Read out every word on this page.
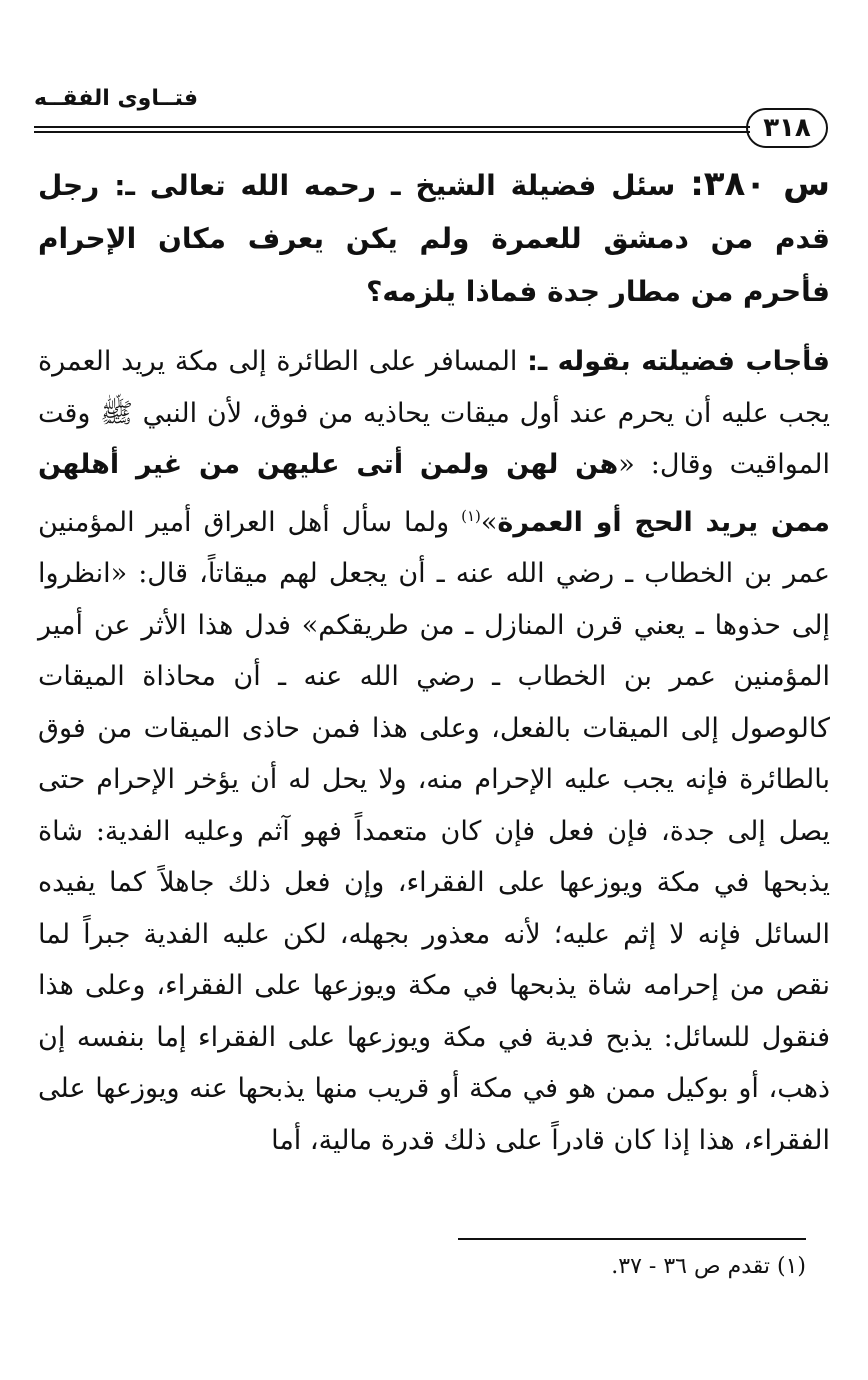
فتــاوى الفقــه
٣١٨

س ٣٨٠: سئل فضيلة الشيخ ـ رحمه الله تعالى ـ: رجل قدم من دمشق للعمرة ولم يكن يعرف مكان الإحرام فأحرم من مطار جدة فماذا يلزمه؟

فأجاب فضيلته بقوله ـ: المسافر على الطائرة إلى مكة يريد العمرة يجب عليه أن يحرم عند أول ميقات يحاذيه من فوق، لأن النبي ﷺ وقت المواقيت وقال: «هن لهن ولمن أتى عليهن من غير أهلهن ممن يريد الحج أو العمرة»$^{(١)}$ ولما سأل أهل العراق أمير المؤمنين عمر بن الخطاب ـ رضي الله عنه ـ أن يجعل لهم ميقاتاً، قال: «انظروا إلى حذوها ـ يعني قرن المنازل ـ من طريقكم» فدل هذا الأثر عن أمير المؤمنين عمر بن الخطاب ـ رضي الله عنه ـ أن محاذاة الميقات كالوصول إلى الميقات بالفعل، وعلى هذا فمن حاذى الميقات من فوق بالطائرة فإنه يجب عليه الإحرام منه، ولا يحل له أن يؤخر الإحرام حتى يصل إلى جدة، فإن فعل فإن كان متعمداً فهو آثم وعليه الفدية: شاة يذبحها في مكة ويوزعها على الفقراء، وإن فعل ذلك جاهلاً كما يفيده السائل فإنه لا إثم عليه؛ لأنه معذور بجهله، لكن عليه الفدية جبراً لما نقص من إحرامه شاة يذبحها في مكة ويوزعها على الفقراء، وعلى هذا فنقول للسائل: يذبح فدية في مكة ويوزعها على الفقراء إما بنفسه إن ذهب، أو بوكيل ممن هو في مكة أو قريب منها يذبحها عنه ويوزعها على الفقراء، هذا إذا كان قادراً على ذلك قدرة مالية، أما

(١) تقدم ص ٣٦ - ٣٧.
